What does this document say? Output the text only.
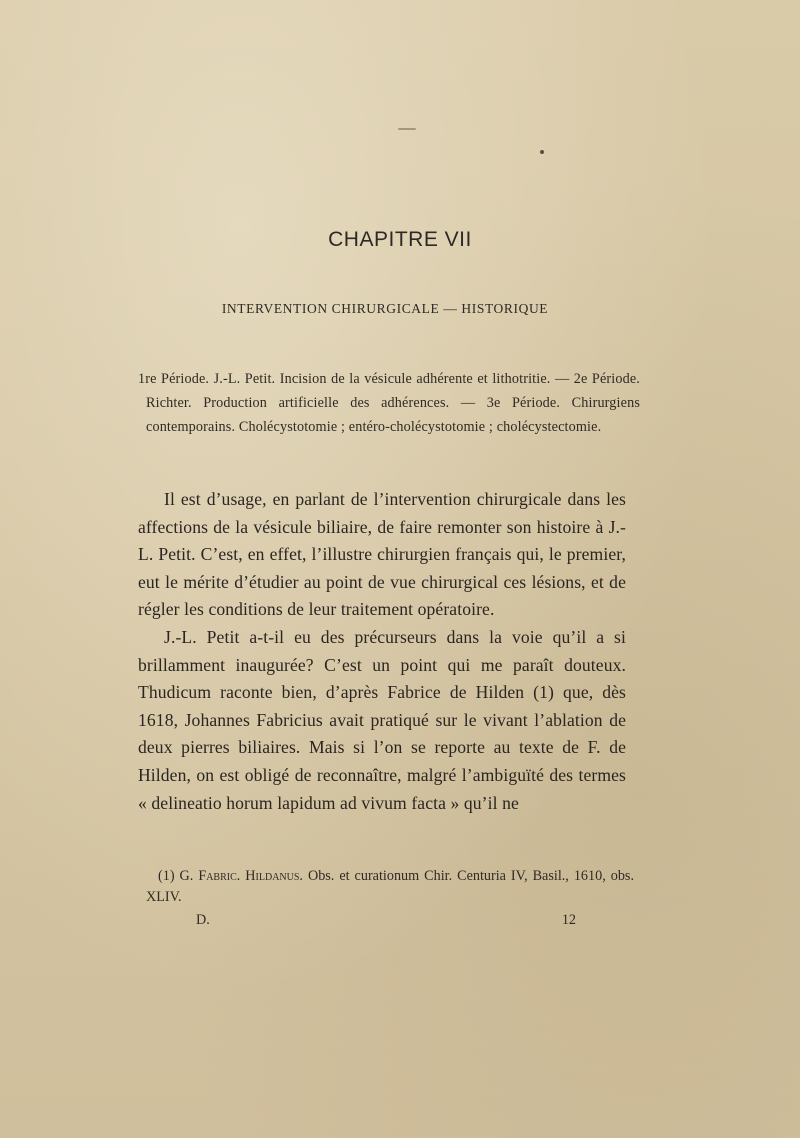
CHAPITRE VII
INTERVENTION CHIRURGICALE — HISTORIQUE

1re Période. J.-L. Petit. Incision de la vésicule adhérente et lithotritie. — 2e Période. Richter. Production artificielle des adhérences. — 3e Période. Chirurgiens contemporains. Cholécystotomie ; entéro-cholécystotomie ; cholécystectomie.

Il est d’usage, en parlant de l’intervention chirurgicale dans les affections de la vésicule biliaire, de faire remonter son histoire à J.-L. Petit. C’est, en effet, l’illustre chirurgien français qui, le premier, eut le mérite d’étudier au point de vue chirurgical ces lésions, et de régler les conditions de leur traitement opératoire.

J.-L. Petit a-t-il eu des précurseurs dans la voie qu’il a si brillamment inaugurée? C’est un point qui me paraît douteux. Thudicum raconte bien, d’après Fabrice de Hilden (1) que, dès 1618, Johannes Fabricius avait pratiqué sur le vivant l’ablation de deux pierres biliaires. Mais si l’on se reporte au texte de F. de Hilden, on est obligé de reconnaître, malgré l’ambiguïté des termes « delineatio horum lapidum ad vivum facta » qu’il ne

(1) G. Fabric. Hildanus. Obs. et curationum Chir. Centuria IV, Basil., 1610, obs. XLIV.

D.	12
